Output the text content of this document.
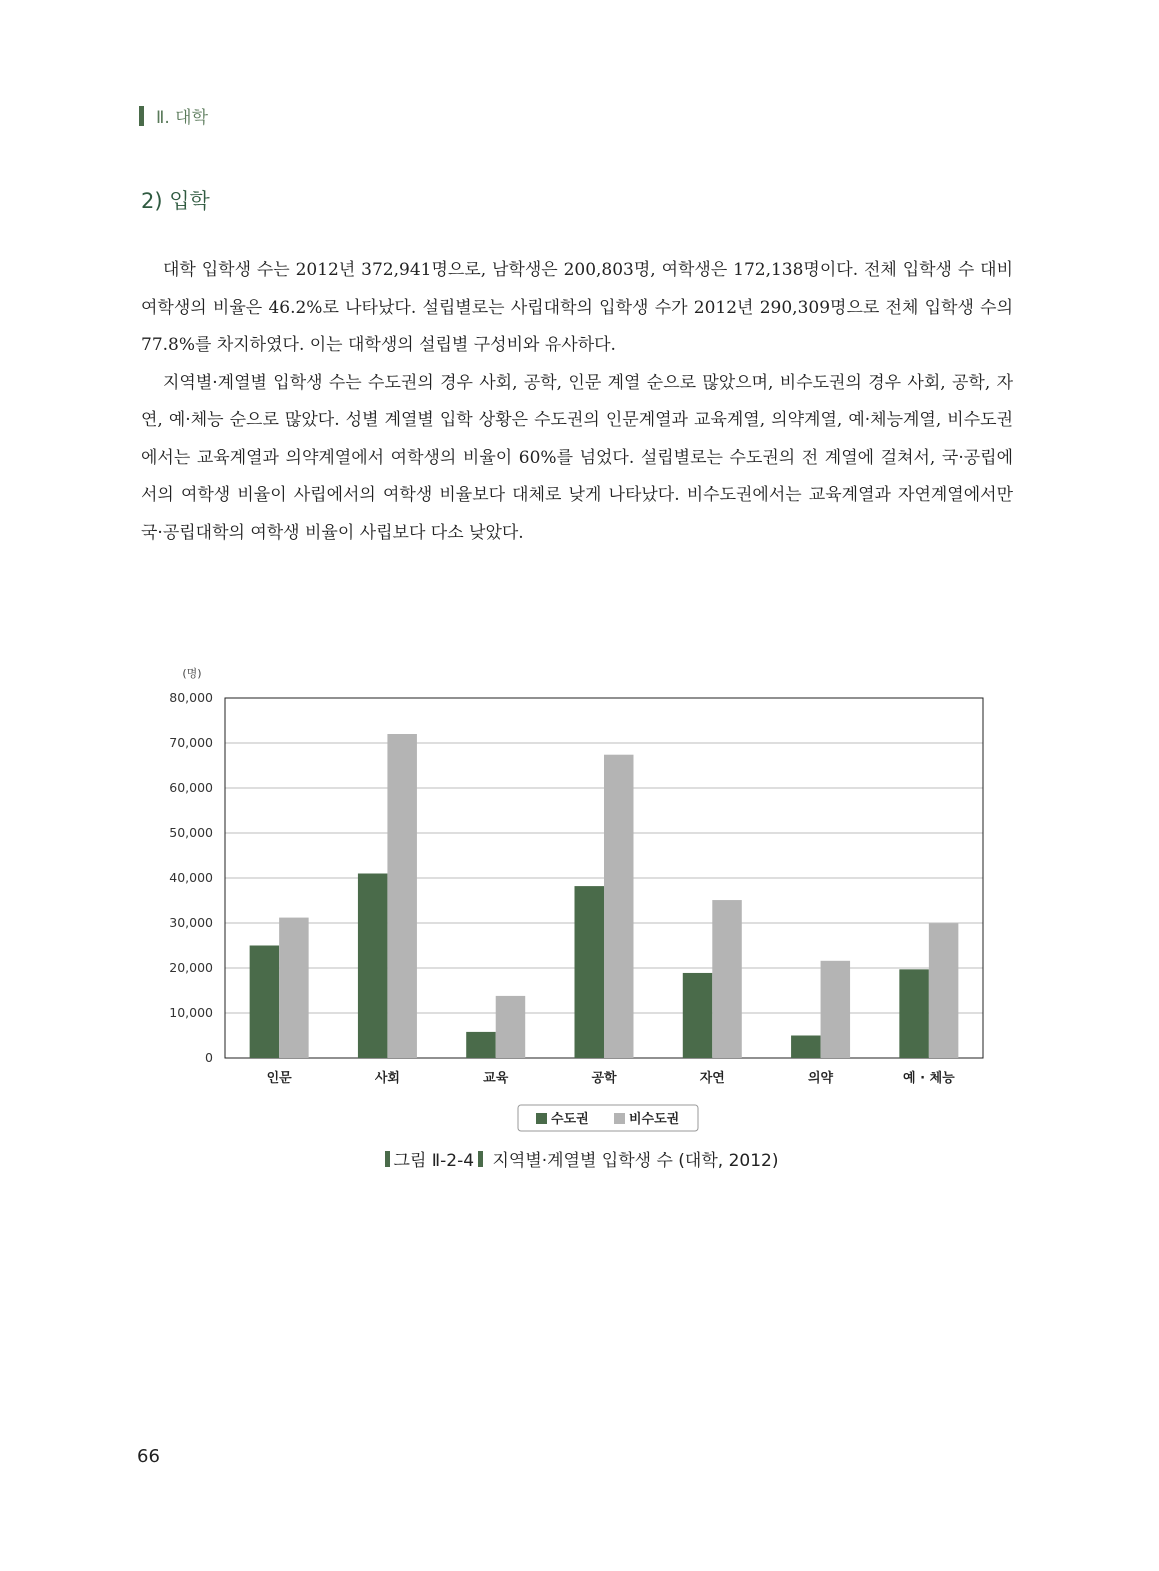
Ⅱ. 대학
2) 입학

대학 입학생 수는 2012년 372,941명으로, 남학생은 200,803명, 여학생은 172,138명이다. 전체 입학생 수 대비 여학생의 비율은 46.2%로 나타났다. 설립별로는 사립대학의 입학생 수가 2012년 290,309명으로 전체 입학생 수의 77.8%를 차지하였다. 이는 대학생의 설립별 구성비와 유사하다.

지역별·계열별 입학생 수는 수도권의 경우 사회, 공학, 인문 계열 순으로 많았으며, 비수도권의 경우 사회, 공학, 자연, 예·체능 순으로 많았다. 성별 계열별 입학 상황은 수도권의 인문계열과 교육계열, 의약계열, 예·체능계열, 비수도권에서는 교육계열과 의약계열에서 여학생의 비율이 60%를 넘었다. 설립별로는 수도권의 전 계열에 걸쳐서, 국·공립에서의 여학생 비율이 사립에서의 여학생 비율보다 대체로 낮게 나타났다. 비수도권에서는 교육계열과 자연계열에서만 국·공립대학의 여학생 비율이 사립보다 다소 낮았다.

(명)
0
10,000
20,000
30,000
40,000
50,000
60,000
70,000
80,000
인문	사회	교육	공학	자연	의약	예 · 체능
수도권	비수도권
그림 Ⅱ-2-4 지역별·계열별 입학생 수 (대학, 2012)
66
